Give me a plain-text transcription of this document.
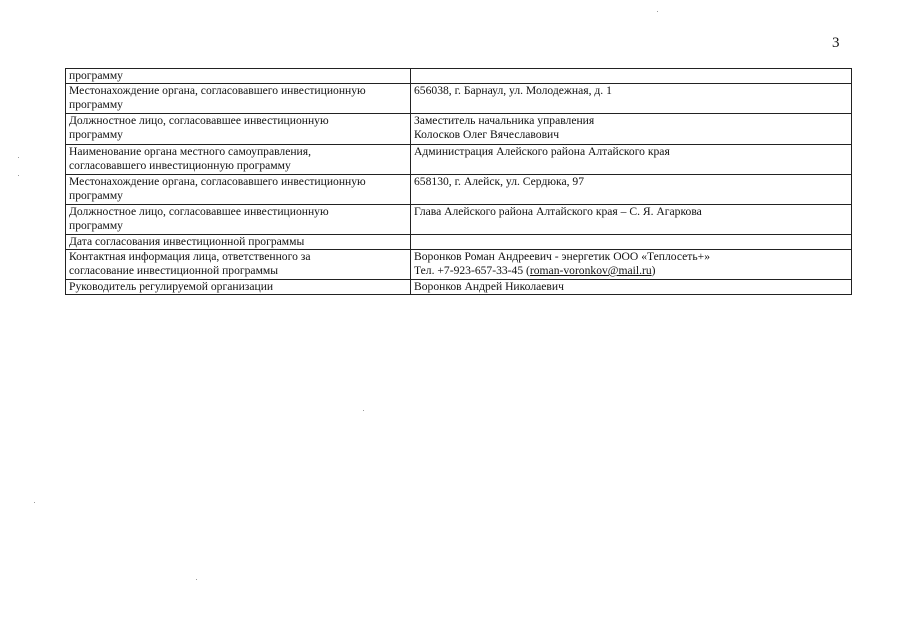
3
программу	

Местонахождение органа, согласовавшего инвестиционную
программу	656038, г. Барнаул, ул. Молодежная, д. 1

Должностное лицо, согласовавшее инвестиционную
программу	Заместитель начальника управления
Колосков Олег Вячеславович

Наименование органа местного самоуправления,
согласовавшего инвестиционную программу	Администрация Алейского района Алтайского края

Местонахождение органа, согласовавшего инвестиционную
программу	658130, г. Алейск, ул. Сердюка, 97

Должностное лицо, согласовавшее инвестиционную
программу	Глава Алейского района Алтайского края – С. Я. Агаркова

Дата согласования инвестиционной программы	

Контактная информация лица, ответственного за
согласование инвестиционной программы	Воронков Роман Андреевич - энергетик ООО «Теплосеть+»
Тел. +7-923-657-33-45 (roman-voronkov@mail.ru)

Руководитель регулируемой организации	Воронков Андрей Николаевич
